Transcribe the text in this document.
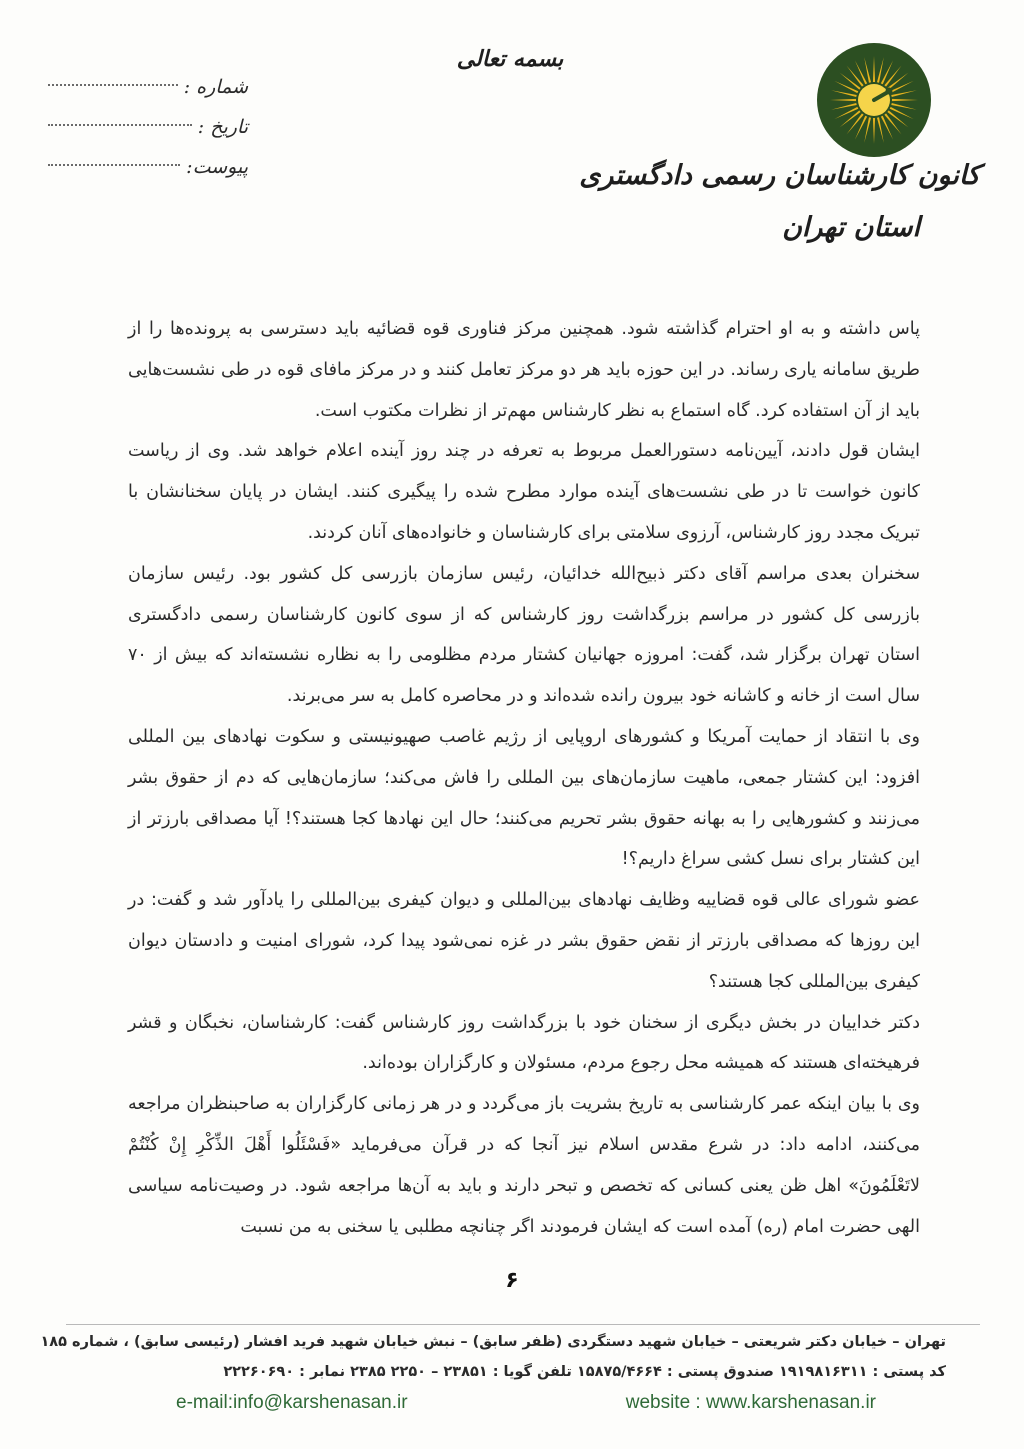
بسمه تعالی
شماره :
تاریخ :
پیوست:	کانون کارشناسان رسمی دادگستری
استان تهران

پاس داشته و به او احترام گذاشته شود. همچنین مرکز فناوری قوه قضائیه باید دسترسی به پرونده‌ها را از طریق سامانه یاری رساند. در این حوزه باید هر دو مرکز تعامل کنند و در مرکز مافای قوه در طی نشست‌هایی باید از آن استفاده کرد. گاه استماع به نظر کارشناس مهم‌تر از نظرات مکتوب است.

ایشان قول دادند، آیین‌نامه دستورالعمل مربوط به تعرفه در چند روز آینده اعلام خواهد شد. وی از ریاست کانون خواست تا در طی نشست‌های آینده موارد مطرح شده را پیگیری کنند. ایشان در پایان سخنانشان با تبریک مجدد روز کارشناس، آرزوی سلامتی برای کارشناسان و خانواده‌های آنان کردند.

سخنران بعدی مراسم آقای دکتر ذبیح‌الله خدائیان، رئیس سازمان بازرسی کل کشور بود. رئیس سازمان بازرسی کل کشور در مراسم بزرگداشت روز کارشناس که از سوی کانون کارشناسان رسمی دادگستری استان تهران برگزار شد، گفت: امروزه جهانیان کشتار مردم مظلومی را به نظاره نشسته‌اند که بیش از ۷۰ سال است از خانه و کاشانه خود بیرون رانده شده‌اند و در محاصره کامل به سر می‌برند.

وی با انتقاد از حمایت آمریکا و کشورهای اروپایی از رژیم غاصب صهیونیستی و سکوت نهادهای بین المللی افزود: این کشتار جمعی، ماهیت سازمان‌های بین المللی را فاش می‌کند؛ سازمان‌هایی که دم از حقوق بشر می‌زنند و کشورهایی را به بهانه حقوق بشر تحریم می‌کنند؛ حال این نهادها کجا هستند؟! آیا مصداقی بارزتر از این کشتار برای نسل کشی سراغ داریم؟!

عضو شورای عالی قوه قضاییه وظایف نهادهای بین‌المللی و دیوان کیفری بین‌المللی را یادآور شد و گفت: در این روزها که مصداقی بارزتر از نقض حقوق بشر در غزه نمی‌شود پیدا کرد، شورای امنیت و دادستان دیوان کیفری بین‌المللی کجا هستند؟

دکتر خداییان در بخش دیگری از سخنان خود با بزرگداشت روز کارشناس گفت: کارشناسان، نخبگان و قشر فرهیخته‌ای هستند که همیشه محل رجوع مردم، مسئولان و کارگزاران بوده‌اند.

وی با بیان اینکه عمر کارشناسی به تاریخ بشریت باز می‌گردد و در هر زمانی کارگزاران به صاحبنظران مراجعه می‌کنند، ادامه داد: در شرع مقدس اسلام نیز آنجا که در قرآن می‌فرماید «فَسْئَلُوا أَهْلَ الذِّكْرِ إِنْ كُنْتُمْ لاتَعْلَمُونَ» اهل ظن یعنی کسانی که تخصص و تبحر دارند و باید به آن‌ها مراجعه شود. در وصیت‌نامه سیاسی الهی حضرت امام (ره) آمده است که ایشان فرمودند اگر چنانچه مطلبی یا سخنی به من نسبت

۶
تهران – خیابان دکتر شریعتی – خیابان شهید دستگردی (ظفر سابق) – نبش خیابان شهید فرید افشار (رئیسی سابق) ، شماره ۱۸۵
کد پستی : ۱۹۱۹۸۱۶۳۱۱ صندوق پستی : ۱۵۸۷۵/۴۶۶۴ تلفن گویا : ۲۳۸۵۱ – ۲۲۵۰ ۲۳۸۵ نمابر : ۲۲۲۶۰۶۹۰
e-mail:info@karshenasan.ir	website : www.karshenasan.ir
